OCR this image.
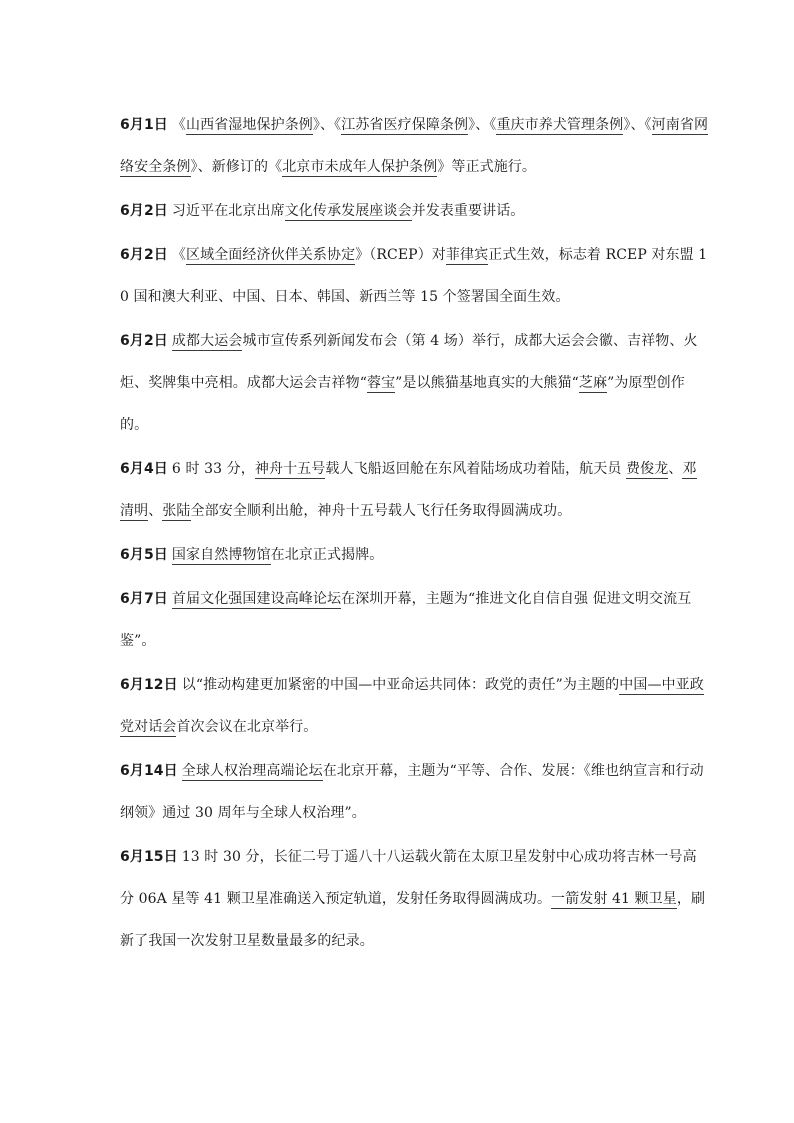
6月1日 《山西省湿地保护条例》、《江苏省医疗保障条例》、《重庆市养犬管理条例》、《河南省网络安全条例》、新修订的《北京市未成年人保护条例》等正式施行。

6月2日 习近平在北京出席文化传承发展座谈会并发表重要讲话。

6月2日 《区域全面经济伙伴关系协定》（RCEP）对菲律宾正式生效，标志着 RCEP 对东盟 10 国和澳大利亚、中国、日本、韩国、新西兰等 15 个签署国全面生效。

6月2日 成都大运会城市宣传系列新闻发布会（第 4 场）举行，成都大运会会徽、吉祥物、火炬、奖牌集中亮相。成都大运会吉祥物“蓉宝”是以熊猫基地真实的大熊猫“芝麻”为原型创作的。

6月4日 6 时 33 分，神舟十五号载人飞船返回舱在东风着陆场成功着陆，航天员 费俊龙、邓清明、张陆全部安全顺利出舱，神舟十五号载人飞行任务取得圆满成功。

6月5日 国家自然博物馆在北京正式揭牌。

6月7日 首届文化强国建设高峰论坛在深圳开幕，主题为“推进文化自信自强 促进文明交流互鉴”。

6月12日 以“推动构建更加紧密的中国—中亚命运共同体：政党的责任”为主题的中国—中亚政党对话会首次会议在北京举行。

6月14日 全球人权治理高端论坛在北京开幕，主题为“平等、合作、发展：《维也纳宣言和行动纲领》通过 30 周年与全球人权治理”。

6月15日 13 时 30 分，长征二号丁遥八十八运载火箭在太原卫星发射中心成功将吉林一号高分 06A 星等 41 颗卫星准确送入预定轨道，发射任务取得圆满成功。一箭发射 41 颗卫星，刷新了我国一次发射卫星数量最多的纪录。
